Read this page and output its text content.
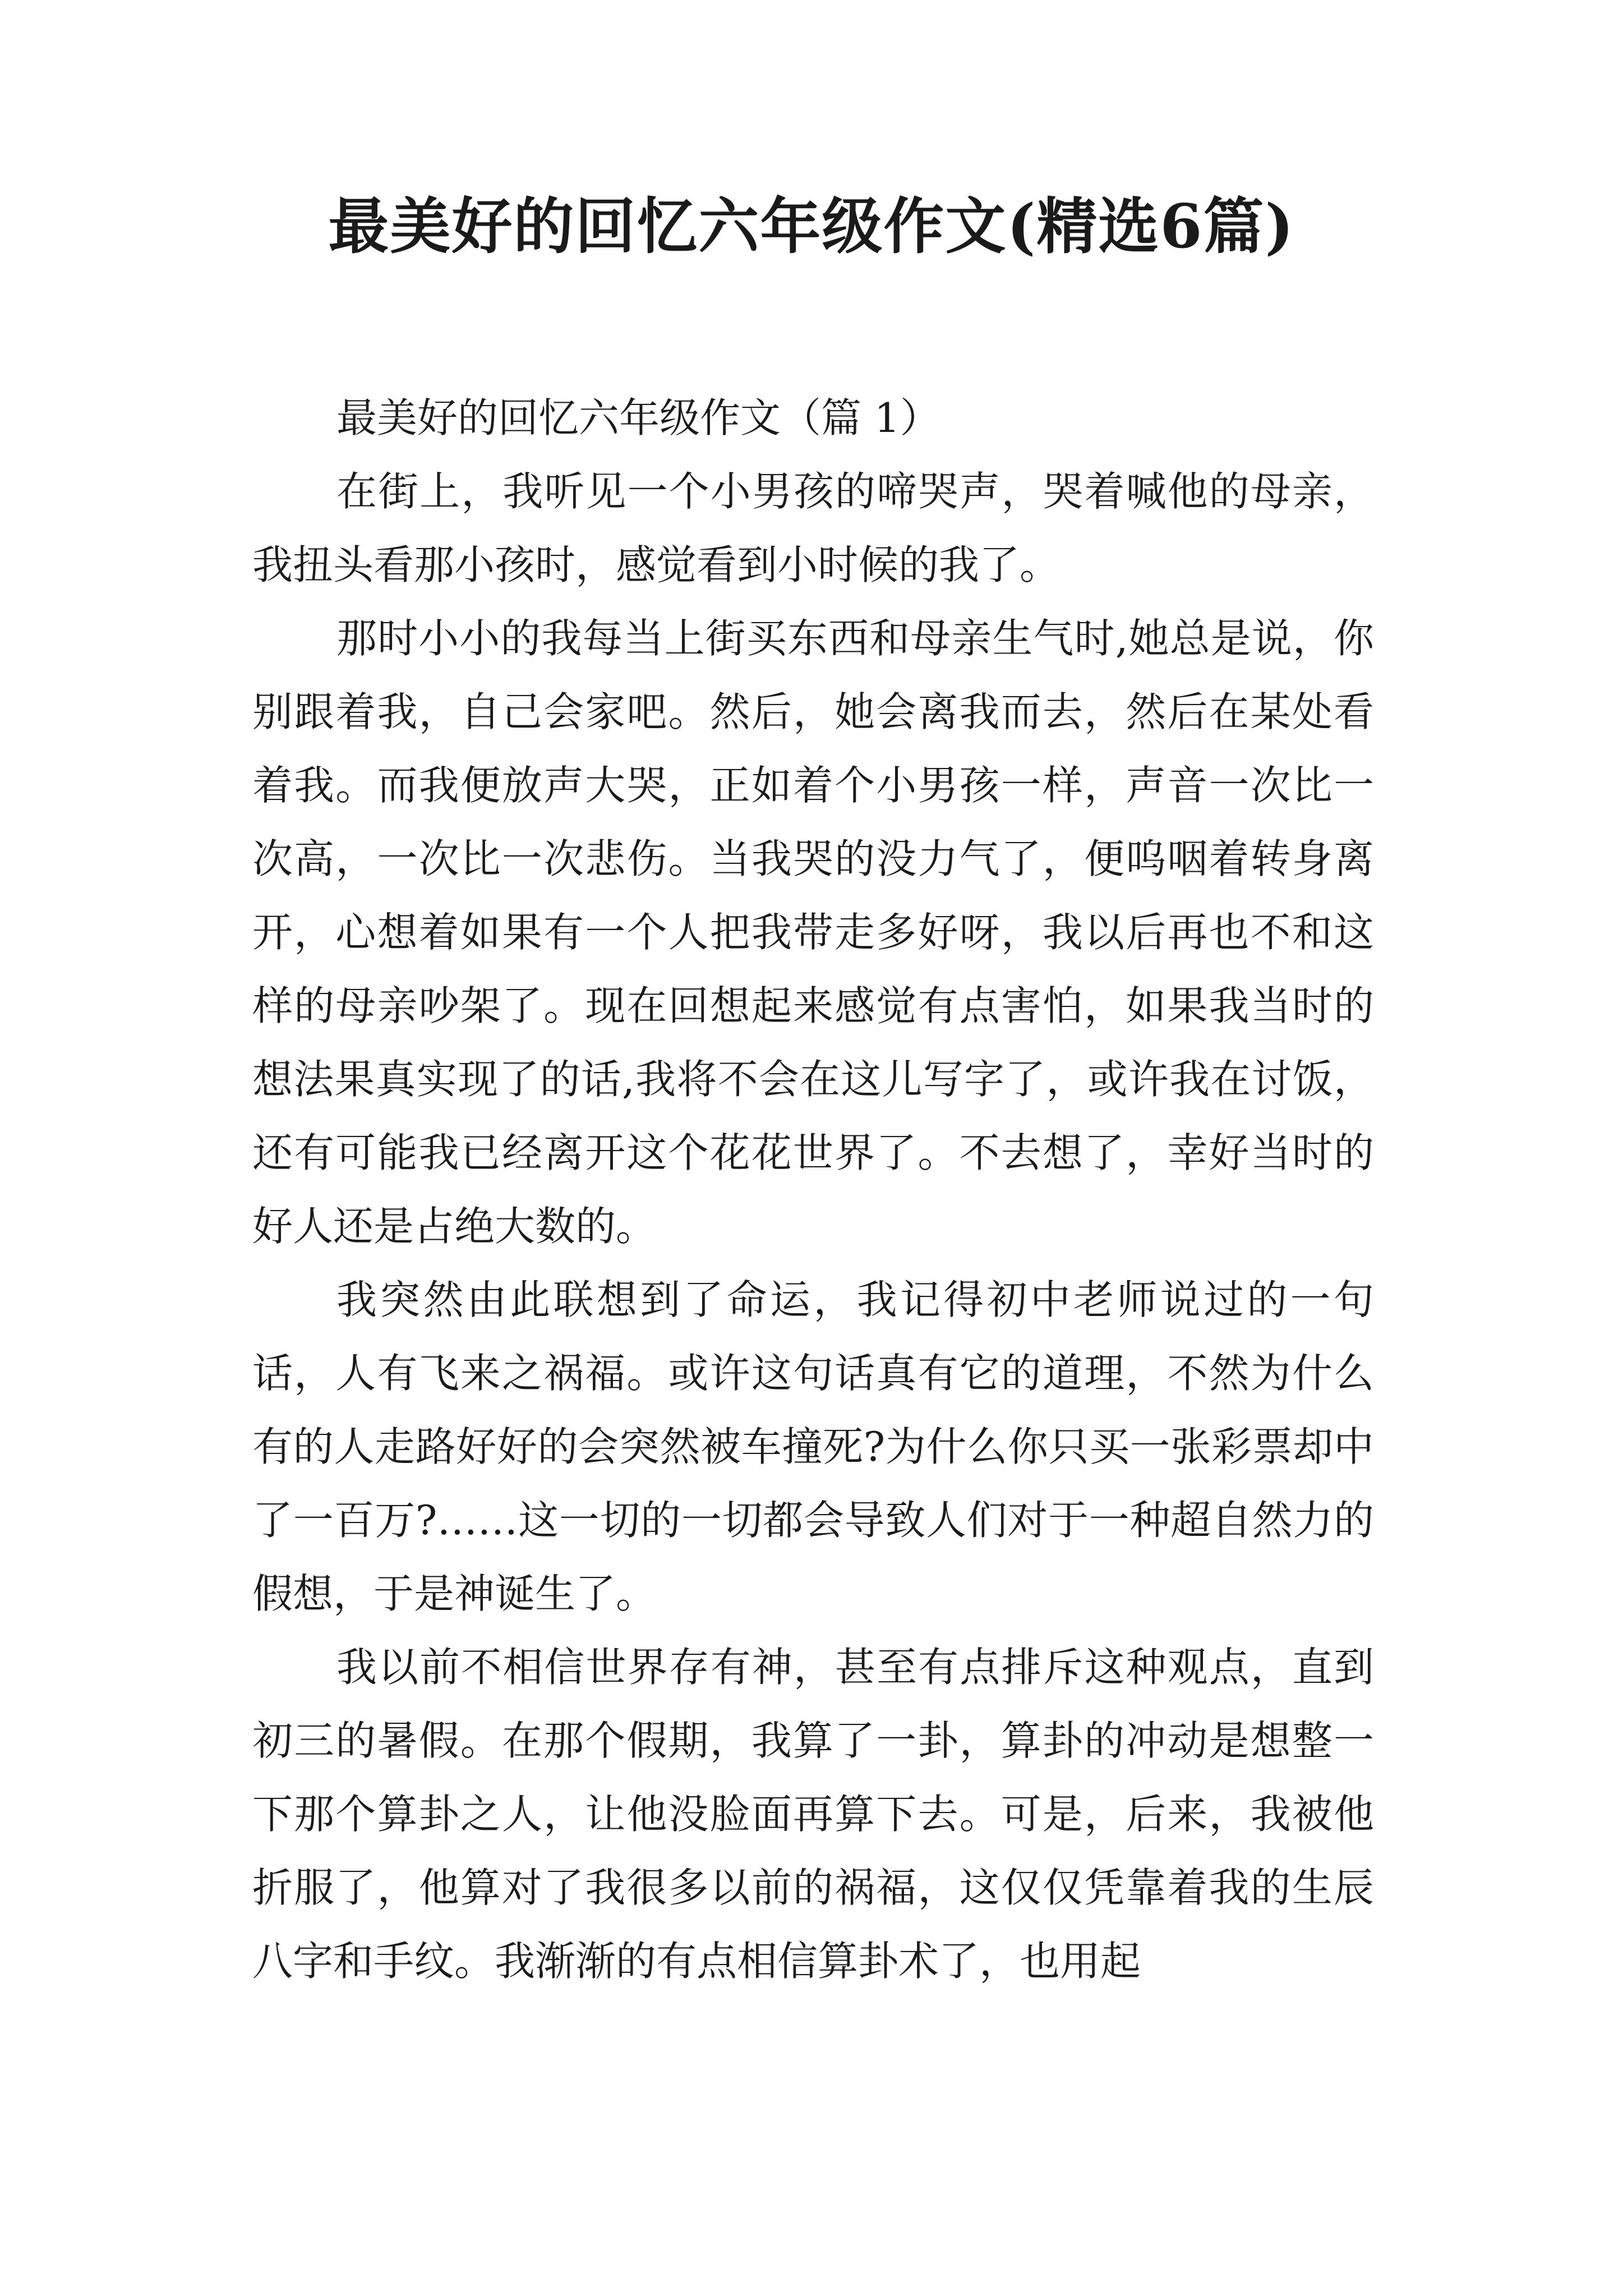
最美好的回忆六年级作文(精选6篇)

最美好的回忆六年级作文（篇 1）

在街上，我听见一个小男孩的啼哭声，哭着喊他的母亲，我扭头看那小孩时，感觉看到小时候的我了。

那时小小的我每当上街买东西和母亲生气时,她总是说，你别跟着我，自己会家吧。然后，她会离我而去，然后在某处看着我。而我便放声大哭，正如着个小男孩一样，声音一次比一次高，一次比一次悲伤。当我哭的没力气了，便呜咽着转身离开，心想着如果有一个人把我带走多好呀，我以后再也不和这样的母亲吵架了。现在回想起来感觉有点害怕，如果我当时的想法果真实现了的话,我将不会在这儿写字了，或许我在讨饭，还有可能我已经离开这个花花世界了。不去想了，幸好当时的好人还是占绝大数的。

我突然由此联想到了命运，我记得初中老师说过的一句话，人有飞来之祸福。或许这句话真有它的道理，不然为什么有的人走路好好的会突然被车撞死?为什么你只买一张彩票却中了一百万?……这一切的一切都会导致人们对于一种超自然力的假想，于是神诞生了。

我以前不相信世界存有神，甚至有点排斥这种观点，直到初三的暑假。在那个假期，我算了一卦，算卦的冲动是想整一下那个算卦之人，让他没脸面再算下去。可是，后来，我被他折服了，他算对了我很多以前的祸福，这仅仅凭靠着我的生辰八字和手纹。我渐渐的有点相信算卦术了，也用起
